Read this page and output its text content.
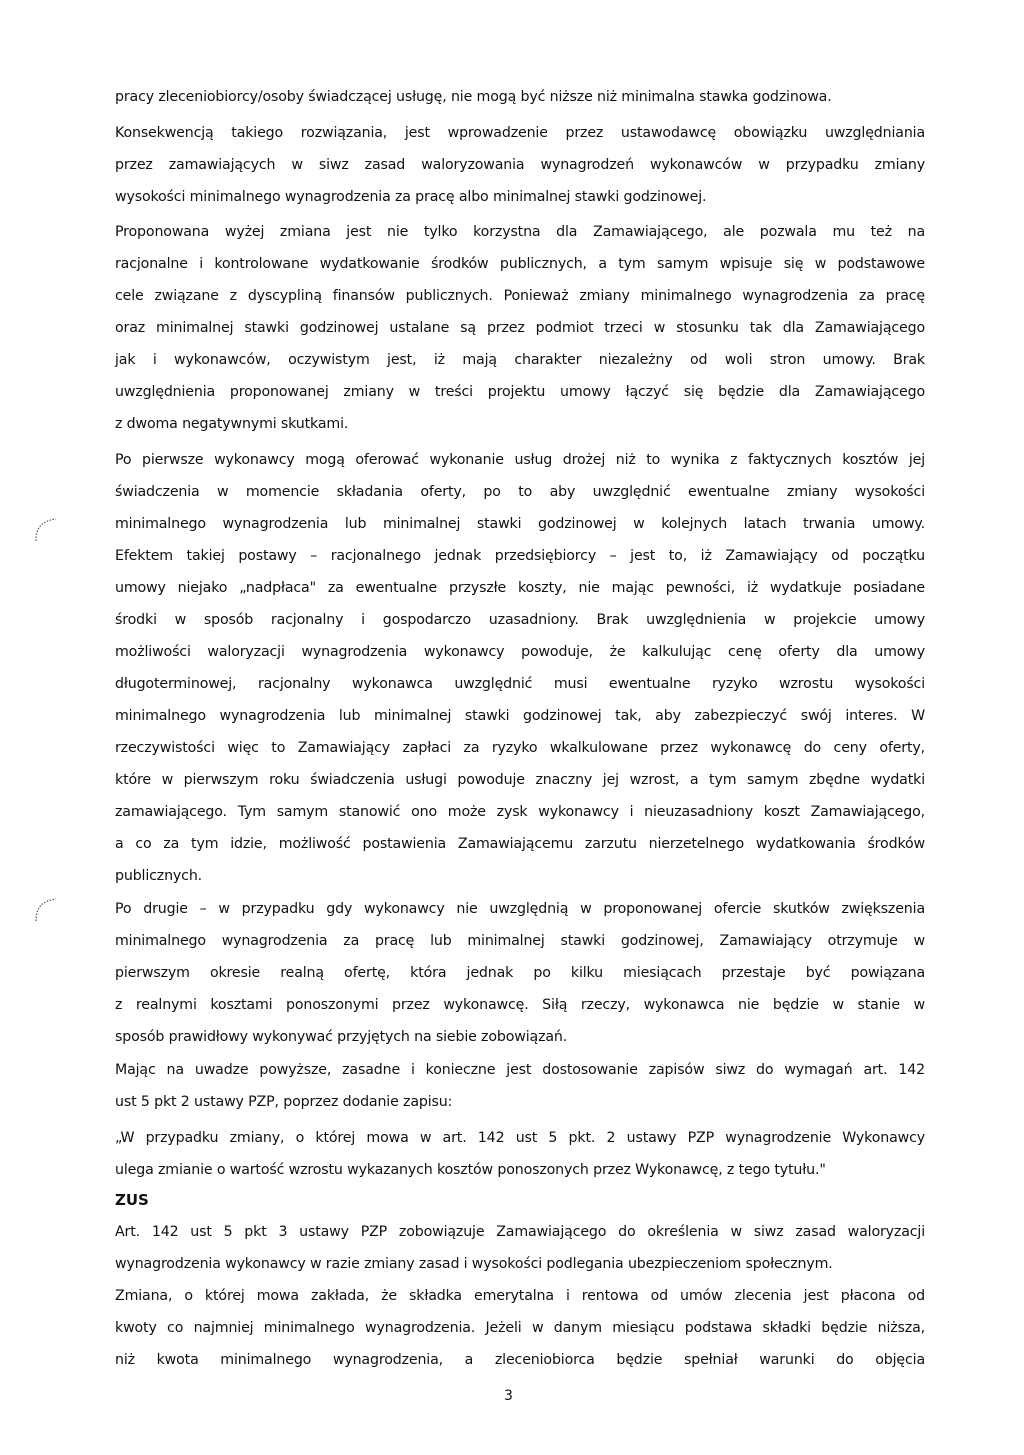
pracy zleceniobiorcy/osoby świadczącej usługę, nie mogą być niższe niż minimalna stawka godzinowa.
Konsekwencją takiego rozwiązania, jest wprowadzenie przez ustawodawcę obowiązku uwzględniania
przez zamawiających w siwz zasad waloryzowania wynagrodzeń wykonawców w przypadku zmiany
wysokości minimalnego wynagrodzenia za pracę albo minimalnej stawki godzinowej.
Proponowana wyżej zmiana jest nie tylko korzystna dla Zamawiającego, ale pozwala mu też na
racjonalne i kontrolowane wydatkowanie środków publicznych, a tym samym wpisuje się w podstawowe
cele związane z dyscypliną finansów publicznych. Ponieważ zmiany minimalnego wynagrodzenia za pracę
oraz minimalnej stawki godzinowej ustalane są przez podmiot trzeci w stosunku tak dla Zamawiającego
jak i wykonawców, oczywistym jest, iż mają charakter niezależny od woli stron umowy. Brak
uwzględnienia proponowanej zmiany w treści projektu umowy łączyć się będzie dla Zamawiającego
z dwoma negatywnymi skutkami.
Po pierwsze wykonawcy mogą oferować wykonanie usług drożej niż to wynika z faktycznych kosztów jej
świadczenia w momencie składania oferty, po to aby uwzględnić ewentualne zmiany wysokości
minimalnego wynagrodzenia lub minimalnej stawki godzinowej w kolejnych latach trwania umowy.
Efektem takiej postawy – racjonalnego jednak przedsiębiorcy – jest to, iż Zamawiający od początku
umowy niejako „nadpłaca" za ewentualne przyszłe koszty, nie mając pewności, iż wydatkuje posiadane
środki w sposób racjonalny i gospodarczo uzasadniony. Brak uwzględnienia w projekcie umowy
możliwości waloryzacji wynagrodzenia wykonawcy powoduje, że kalkulując cenę oferty dla umowy
długoterminowej, racjonalny wykonawca uwzględnić musi ewentualne ryzyko wzrostu wysokości
minimalnego wynagrodzenia lub minimalnej stawki godzinowej tak, aby zabezpieczyć swój interes. W
rzeczywistości więc to Zamawiający zapłaci za ryzyko wkalkulowane przez wykonawcę do ceny oferty,
które w pierwszym roku świadczenia usługi powoduje znaczny jej wzrost, a tym samym zbędne wydatki
zamawiającego. Tym samym stanowić ono może zysk wykonawcy i nieuzasadniony koszt Zamawiającego,
a co za tym idzie, możliwość postawienia Zamawiającemu zarzutu nierzetelnego wydatkowania środków
publicznych.
Po drugie – w przypadku gdy wykonawcy nie uwzględnią w proponowanej ofercie skutków zwiększenia
minimalnego wynagrodzenia za pracę lub minimalnej stawki godzinowej, Zamawiający otrzymuje w
pierwszym okresie realną ofertę, która jednak po kilku miesiącach przestaje być powiązana
z realnymi kosztami ponoszonymi przez wykonawcę. Siłą rzeczy, wykonawca nie będzie w stanie w
sposób prawidłowy wykonywać przyjętych na siebie zobowiązań.
Mając na uwadze powyższe, zasadne i konieczne jest dostosowanie zapisów siwz do wymagań art. 142
ust 5 pkt 2 ustawy PZP, poprzez dodanie zapisu:
„W przypadku zmiany, o której mowa w art. 142 ust 5 pkt. 2 ustawy PZP wynagrodzenie Wykonawcy
ulega zmianie o wartość wzrostu wykazanych kosztów ponoszonych przez Wykonawcę, z tego tytułu."
ZUS
Art. 142 ust 5 pkt 3 ustawy PZP zobowiązuje Zamawiającego do określenia w siwz zasad waloryzacji
wynagrodzenia wykonawcy w razie zmiany zasad i wysokości podlegania ubezpieczeniom społecznym.
Zmiana, o której mowa zakłada, że składka emerytalna i rentowa od umów zlecenia jest płacona od
kwoty co najmniej minimalnego wynagrodzenia. Jeżeli w danym miesiącu podstawa składki będzie niższa,
niż kwota minimalnego wynagrodzenia, a zleceniobiorca będzie spełniał warunki do objęcia
3
